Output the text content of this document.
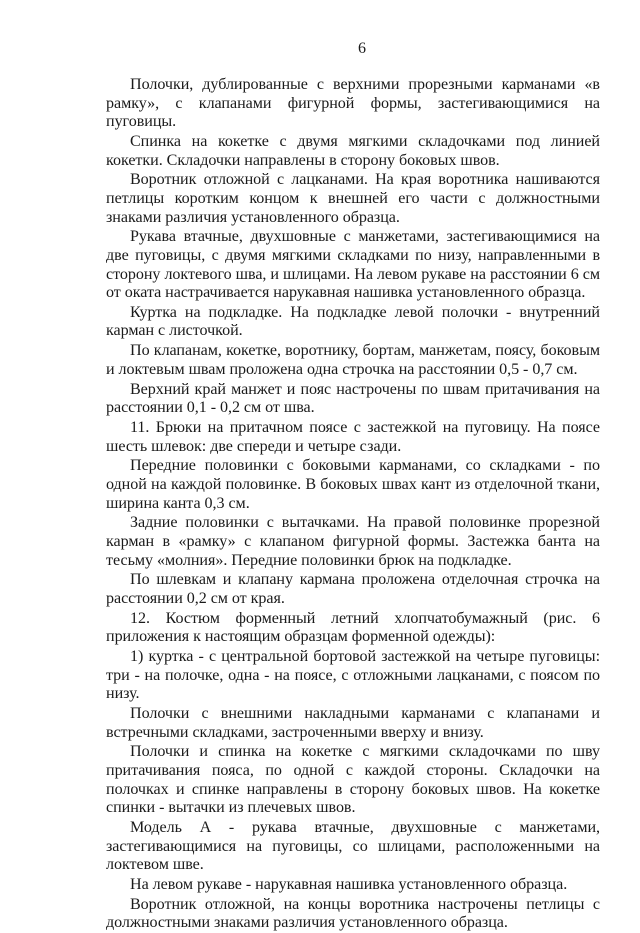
6

Полочки, дублированные с верхними прорезными карманами «в рамку», с клапанами фигурной формы, застегивающимися на пуговицы.

Спинка на кокетке с двумя мягкими складочками под линией кокетки. Складочки направлены в сторону боковых швов.

Воротник отложной с лацканами. На края воротника нашиваются петлицы коротким концом к внешней его части с должностными знаками различия установленного образца.

Рукава втачные, двухшовные с манжетами, застегивающимися на две пуговицы, с двумя мягкими складками по низу, направленными в сторону локтевого шва, и шлицами. На левом рукаве на расстоянии 6 см от оката настрачивается нарукавная нашивка установленного образца.

Куртка на подкладке. На подкладке левой полочки - внутренний карман с листочкой.

По клапанам, кокетке, воротнику, бортам, манжетам, поясу, боковым и локтевым швам проложена одна строчка на расстоянии 0,5 - 0,7 см.

Верхний край манжет и пояс настрочены по швам притачивания на расстоянии 0,1 - 0,2 см от шва.

11. Брюки на притачном поясе с застежкой на пуговицу. На поясе шесть шлевок: две спереди и четыре сзади.

Передние половинки с боковыми карманами, со складками - по одной на каждой половинке. В боковых швах кант из отделочной ткани, ширина канта 0,3 см.

Задние половинки с вытачками. На правой половинке прорезной карман в «рамку» с клапаном фигурной формы. Застежка банта на тесьму «молния». Передние половинки брюк на подкладке.

По шлевкам и клапану кармана проложена отделочная строчка на расстоянии 0,2 см от края.

12. Костюм форменный летний хлопчатобумажный (рис. 6 приложения к настоящим образцам форменной одежды):

1) куртка - с центральной бортовой застежкой на четыре пуговицы: три - на полочке, одна - на поясе, с отложными лацканами, с поясом по низу.

Полочки с внешними накладными карманами с клапанами и встречными складками, застроченными вверху и внизу.

Полочки и спинка на кокетке с мягкими складочками по шву притачивания пояса, по одной с каждой стороны. Складочки на полочках и спинке направлены в сторону боковых швов. На кокетке спинки - вытачки из плечевых швов.

Модель А - рукава втачные, двухшовные с манжетами, застегивающимися на пуговицы, со шлицами, расположенными на локтевом шве.

На левом рукаве - нарукавная нашивка установленного образца.

Воротник отложной, на концы воротника настрочены петлицы с должностными знаками различия установленного образца.
